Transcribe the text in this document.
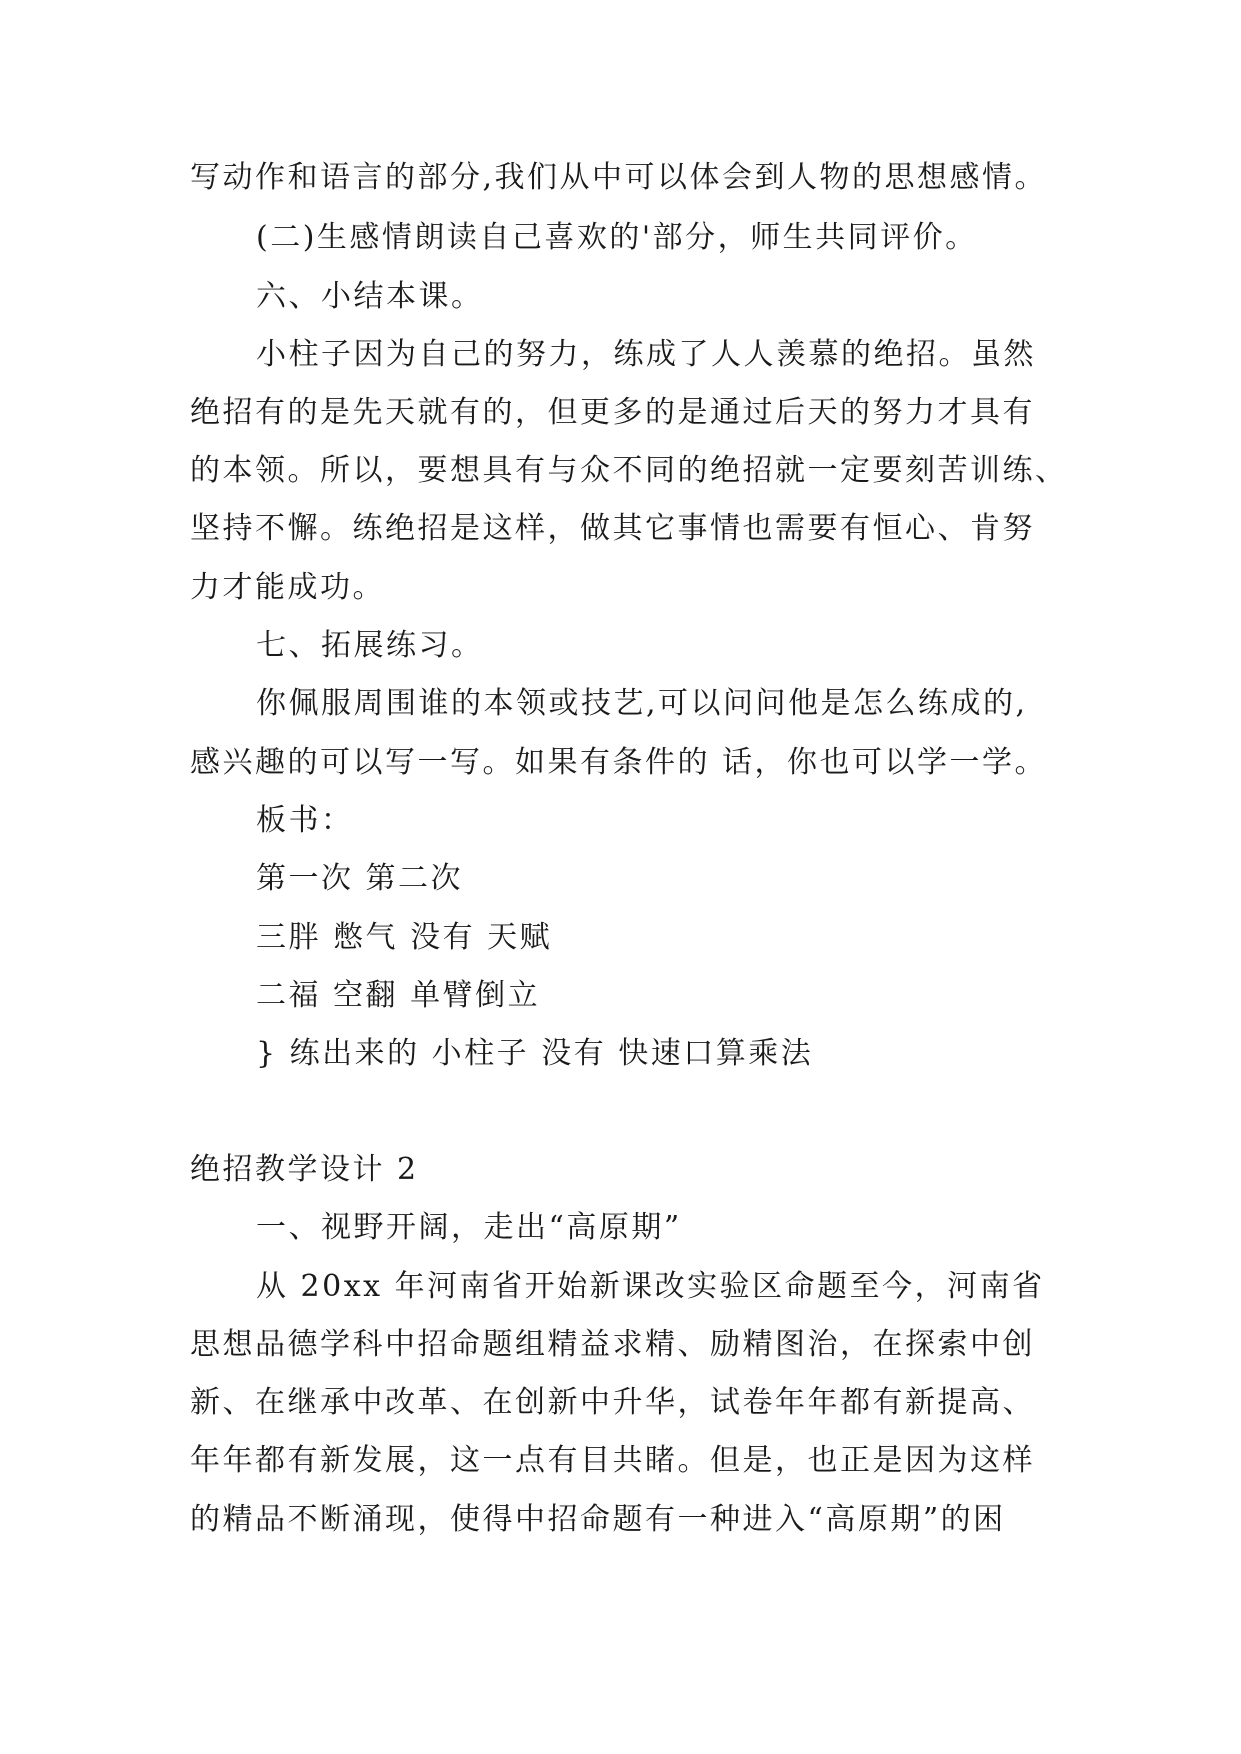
写动作和语言的部分,我们从中可以体会到人物的思想感情。
(二)生感情朗读自己喜欢的'部分，师生共同评价。
六、小结本课。
小柱子因为自己的努力，练成了人人羡慕的绝招。虽然
绝招有的是先天就有的，但更多的是通过后天的努力才具有
的本领。所以，要想具有与众不同的绝招就一定要刻苦训练、
坚持不懈。练绝招是这样，做其它事情也需要有恒心、肯努
力才能成功。
七、拓展练习。
你佩服周围谁的本领或技艺,可以问问他是怎么练成的,
感兴趣的可以写一写。如果有条件的 话，你也可以学一学。
板书：
第一次 第二次
三胖 憋气 没有 天赋
二福 空翻 单臂倒立
} 练出来的 小柱子 没有 快速口算乘法
绝招教学设计 2
一、视野开阔，走出“高原期”
从 20xx 年河南省开始新课改实验区命题至今，河南省
思想品德学科中招命题组精益求精、励精图治，在探索中创
新、在继承中改革、在创新中升华，试卷年年都有新提高、
年年都有新发展，这一点有目共睹。但是，也正是因为这样
的精品不断涌现，使得中招命题有一种进入“高原期”的困
